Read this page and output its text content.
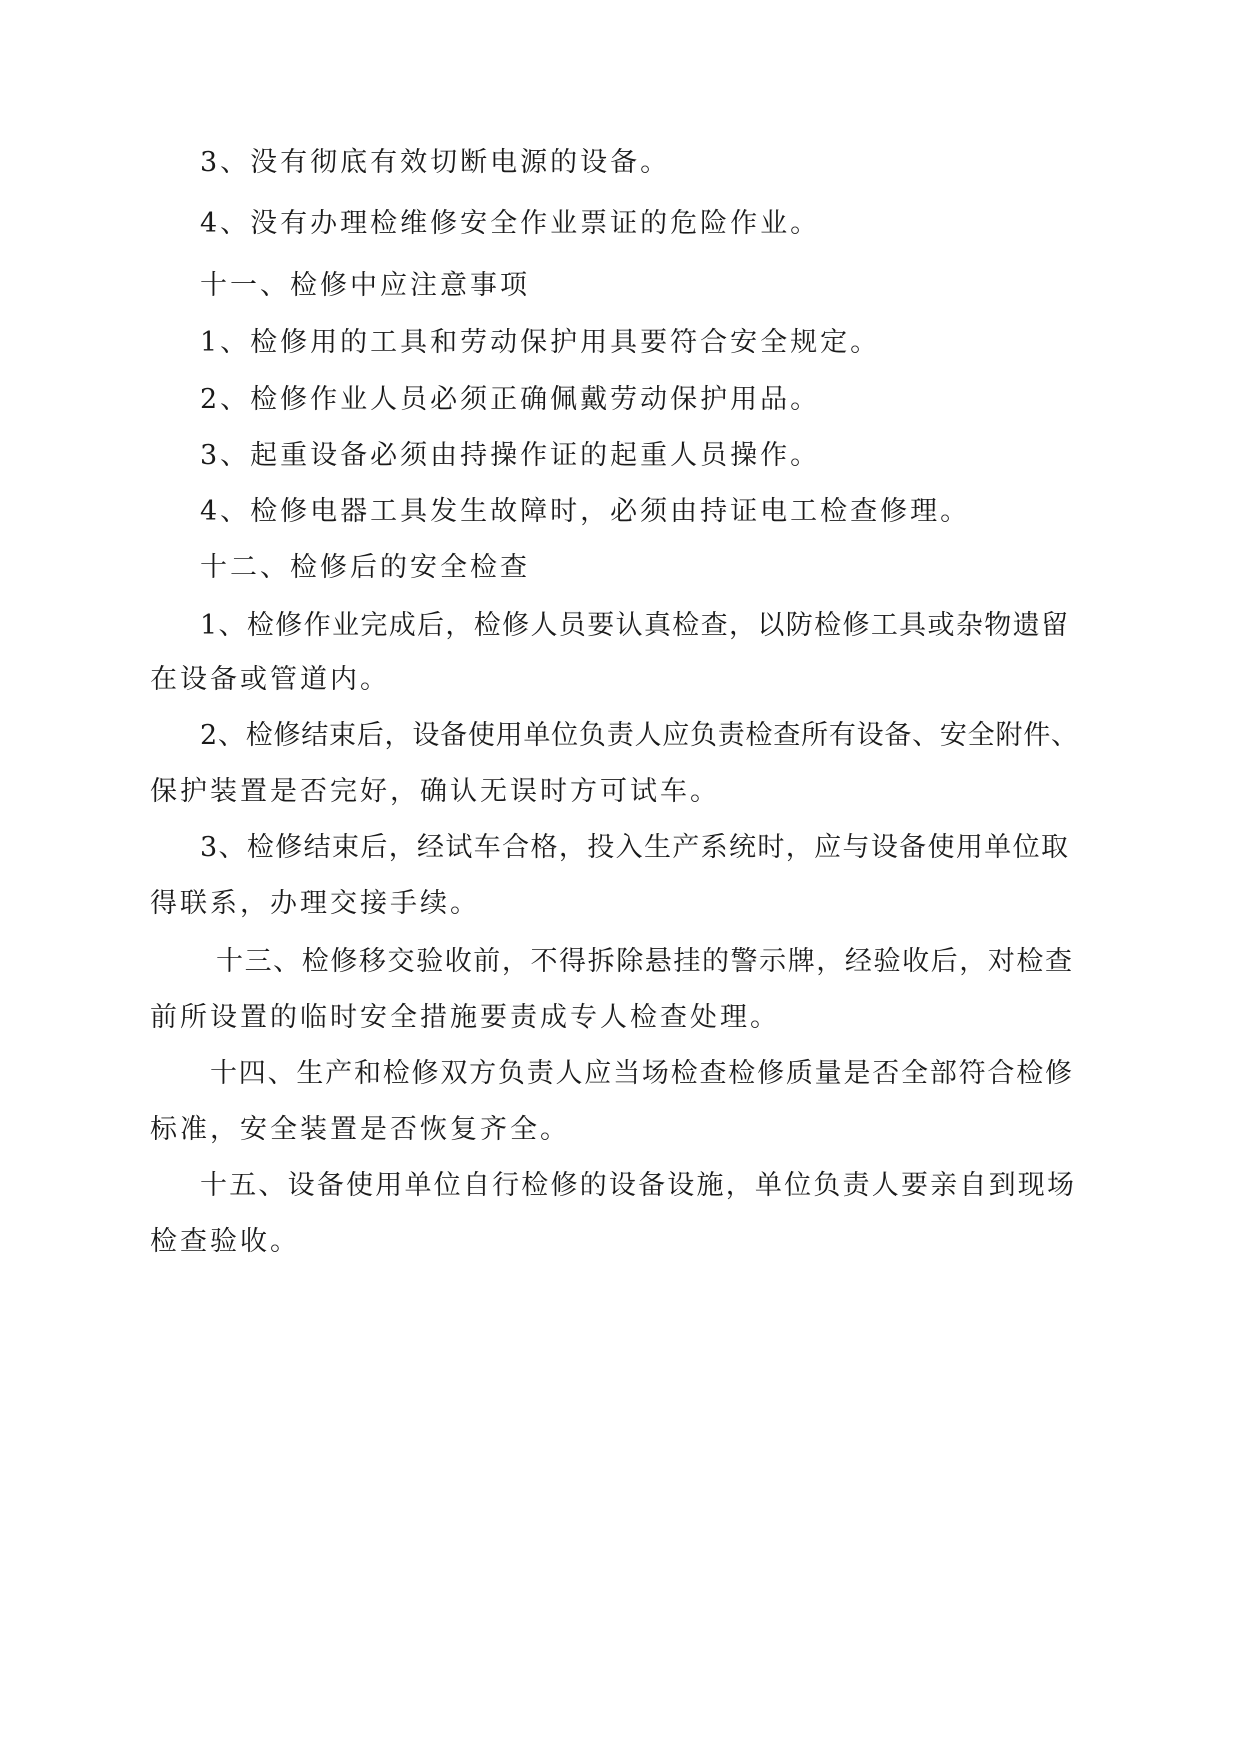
3、没有彻底有效切断电源的设备。
4、没有办理检维修安全作业票证的危险作业。
十一、检修中应注意事项
1、检修用的工具和劳动保护用具要符合安全规定。
2、检修作业人员必须正确佩戴劳动保护用品。
3、起重设备必须由持操作证的起重人员操作。
4、检修电器工具发生故障时，必须由持证电工检查修理。
十二、检修后的安全检查
1、检修作业完成后，检修人员要认真检查，以防检修工具或杂物遗留
在设备或管道内。
2、检修结束后，设备使用单位负责人应负责检查所有设备、安全附件、
保护装置是否完好，确认无误时方可试车。
3、检修结束后，经试车合格，投入生产系统时，应与设备使用单位取
得联系，办理交接手续。
十三、检修移交验收前，不得拆除悬挂的警示牌，经验收后，对检查
前所设置的临时安全措施要责成专人检查处理。
十四、生产和检修双方负责人应当场检查检修质量是否全部符合检修
标准，安全装置是否恢复齐全。
十五、设备使用单位自行检修的设备设施，单位负责人要亲自到现场
检查验收。
